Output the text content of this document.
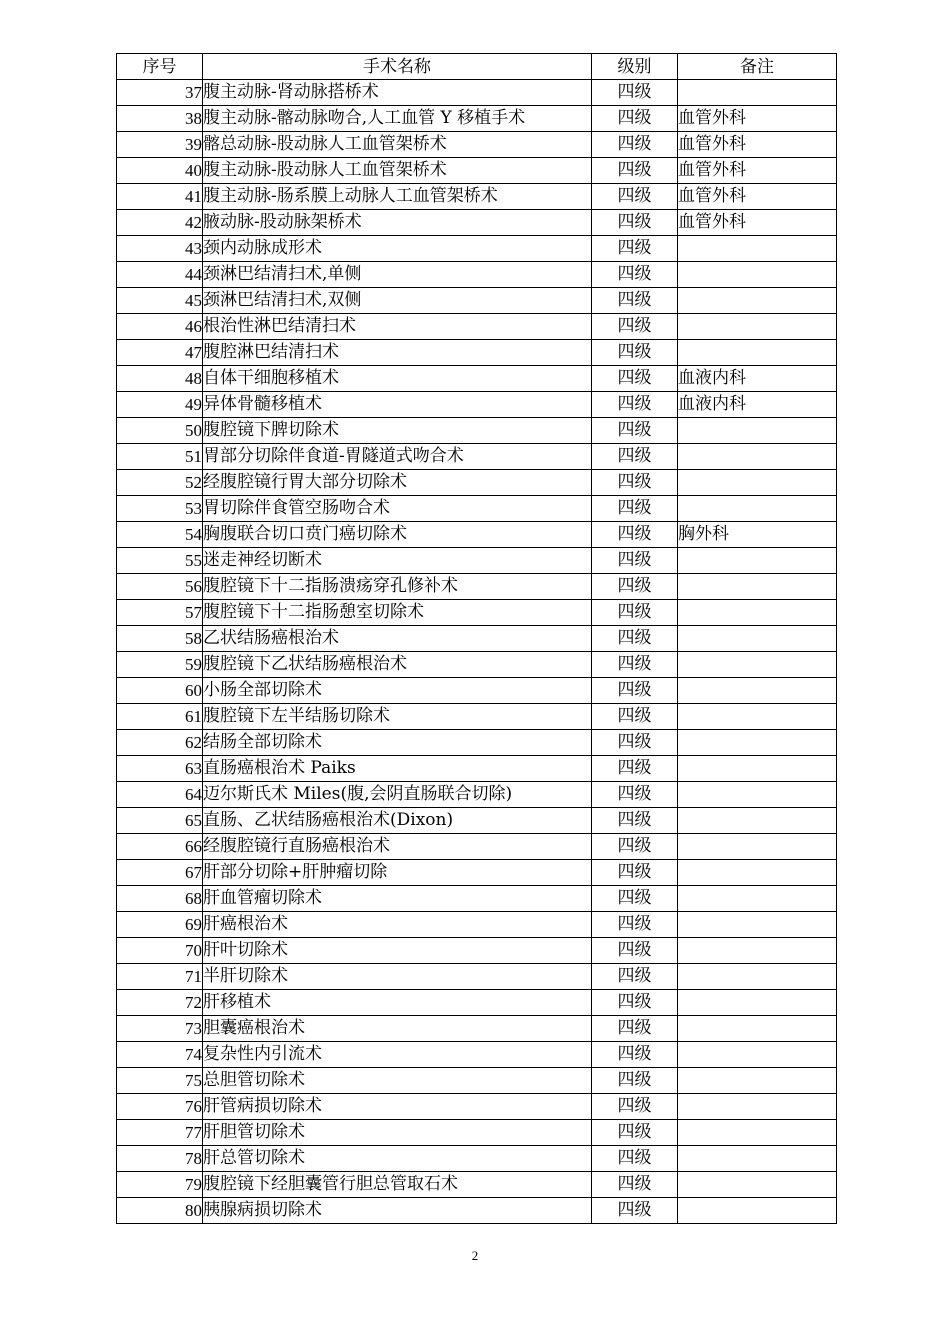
序号	手术名称	级别	备注
37	腹主动脉-肾动脉搭桥术	四级	
38	腹主动脉-髂动脉吻合,人工血管 Y 移植手术	四级	血管外科
39	髂总动脉-股动脉人工血管架桥术	四级	血管外科
40	腹主动脉-股动脉人工血管架桥术	四级	血管外科
41	腹主动脉-肠系膜上动脉人工血管架桥术	四级	血管外科
42	腋动脉-股动脉架桥术	四级	血管外科
43	颈内动脉成形术	四级	
44	颈淋巴结清扫术,单侧	四级	
45	颈淋巴结清扫术,双侧	四级	
46	根治性淋巴结清扫术	四级	
47	腹腔淋巴结清扫术	四级	
48	自体干细胞移植术	四级	血液内科
49	异体骨髓移植术	四级	血液内科
50	腹腔镜下脾切除术	四级	
51	胃部分切除伴食道-胃隧道式吻合术	四级	
52	经腹腔镜行胃大部分切除术	四级	
53	胃切除伴食管空肠吻合术	四级	
54	胸腹联合切口贲门癌切除术	四级	胸外科
55	迷走神经切断术	四级	
56	腹腔镜下十二指肠溃疡穿孔修补术	四级	
57	腹腔镜下十二指肠憩室切除术	四级	
58	乙状结肠癌根治术	四级	
59	腹腔镜下乙状结肠癌根治术	四级	
60	小肠全部切除术	四级	
61	腹腔镜下左半结肠切除术	四级	
62	结肠全部切除术	四级	
63	直肠癌根治术 Paiks	四级	
64	迈尔斯氏术 Miles(腹,会阴直肠联合切除)	四级	
65	直肠、乙状结肠癌根治术(Dixon)	四级	
66	经腹腔镜行直肠癌根治术	四级	
67	肝部分切除+肝肿瘤切除	四级	
68	肝血管瘤切除术	四级	
69	肝癌根治术	四级	
70	肝叶切除术	四级	
71	半肝切除术	四级	
72	肝移植术	四级	
73	胆囊癌根治术	四级	
74	复杂性内引流术	四级	
75	总胆管切除术	四级	
76	肝管病损切除术	四级	
77	肝胆管切除术	四级	
78	肝总管切除术	四级	
79	腹腔镜下经胆囊管行胆总管取石术	四级	
80	胰腺病损切除术	四级	
2
